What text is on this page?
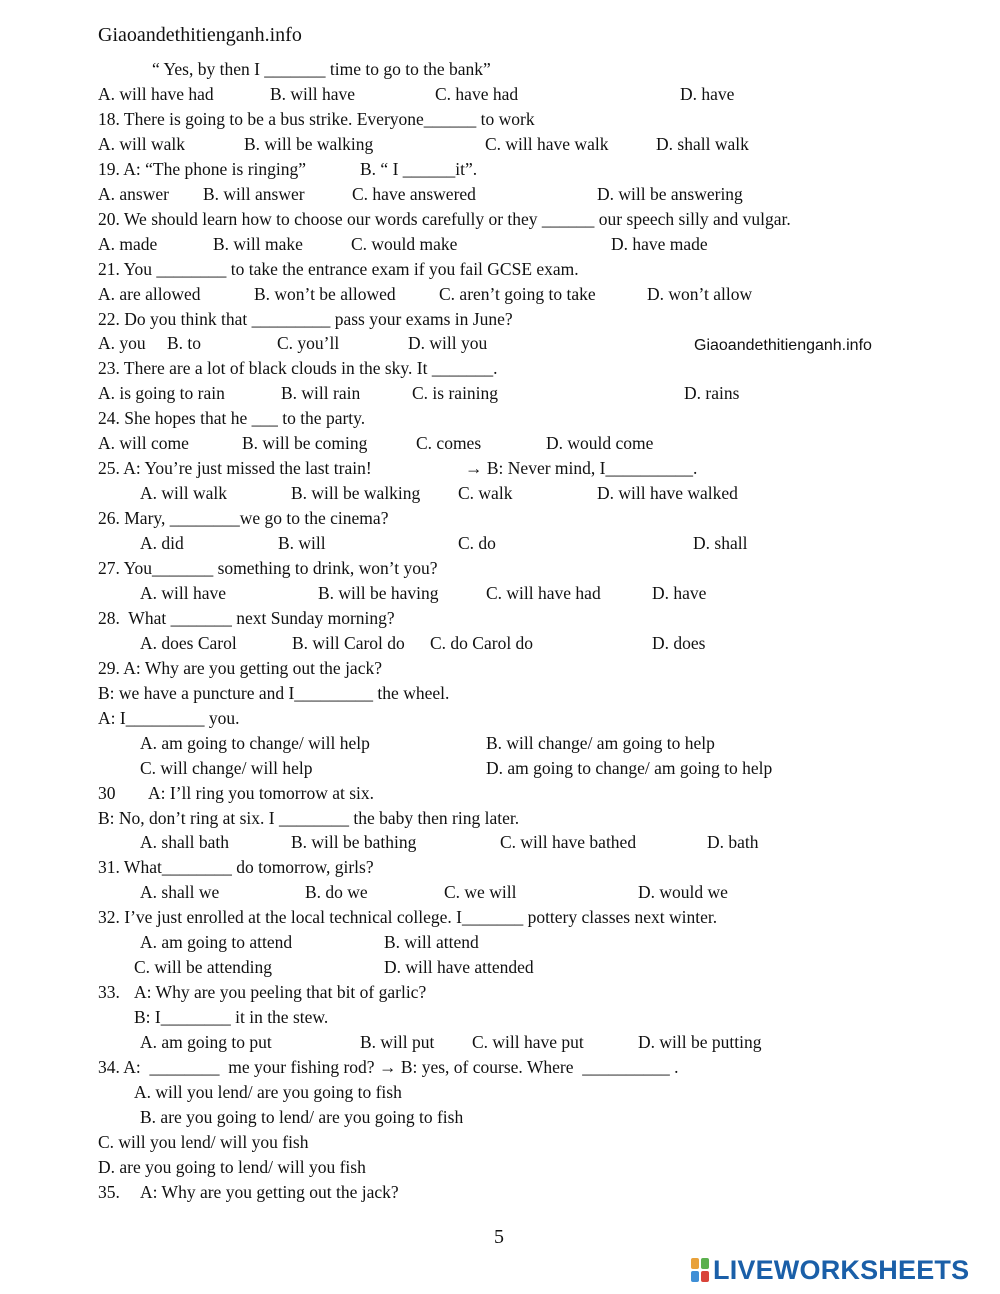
Giaoandethitienganh.info
“ Yes, by then I _______ time to go to the bank”
A. will have had	B. will have	C. have had	D. have
18. There is going to be a bus strike. Everyone______ to work
A. will walk	B. will be walking	C. will have walk	D. shall walk
19. A: “The phone is ringing”	B. “ I ______it”.
A. answer B. will answer	C. have answered	D. will be answering
20. We should learn how to choose our words carefully or they ______ our speech silly and vulgar.
A. made	B. will make	C. would make	D. have made
21. You ________ to take the entrance exam if you fail GCSE exam.
A. are allowed	B. won’t be allowed C. aren’t going to take	D. won’t allow
22. Do you think that _________ pass your exams in June?
A. you B. to	C. you’ll	D. will you
23. There are a lot of black clouds in the sky. It _______.
A. is going to rain	B. will rain	C. is raining	D. rains
24. She hopes that he ___ to the party.
A. will come	B. will be coming	C. comes	D. would come
25. A: You’re just missed the last train!	→ B: Never mind, I__________.
A. will walk	B. will be walking C. walk	D. will have walked
26. Mary, ________we go to the cinema?
A. did	B. will	C. do	D. shall
27. You_______ something to drink, won’t you?
A. will have	B. will be having	C. will have had	D. have
28.  What _______ next Sunday morning?
A. does Carol	B. will Carol do C. do Carol do	D. does
29. A: Why are you getting out the jack?
B: we have a puncture and I_________ the wheel.
A: I_________ you.
A. am going to change/ will help	B. will change/ am going to help
C. will change/ will help	D. am going to change/ am going to help
30 A: I’ll ring you tomorrow at six.
B: No, don’t ring at six. I ________ the baby then ring later.
A. shall bath	B. will be bathing	C. will have bathed	D. bath
31. What________ do tomorrow, girls?
A. shall we	B. do we	C. we will	D. would we
32. I’ve just enrolled at the local technical college. I_______ pottery classes next winter.
A. am going to attend	B. will attend
C. will be attending	D. will have attended
33. A: Why are you peeling that bit of garlic?
B: I________ it in the stew.
A. am going to put	B. will put C. will have put	D. will be putting
34. A:  ________  me your fishing rod? → B: yes, of course. Where  __________ .
A. will you lend/ are you going to fish
B. are you going to lend/ are you going to fish
C. will you lend/ will you fish
D. are you going to lend/ will you fish
35. A: Why are you getting out the jack?
Giaoandethitienganh.info
5
LIVEWORKSHEETS
